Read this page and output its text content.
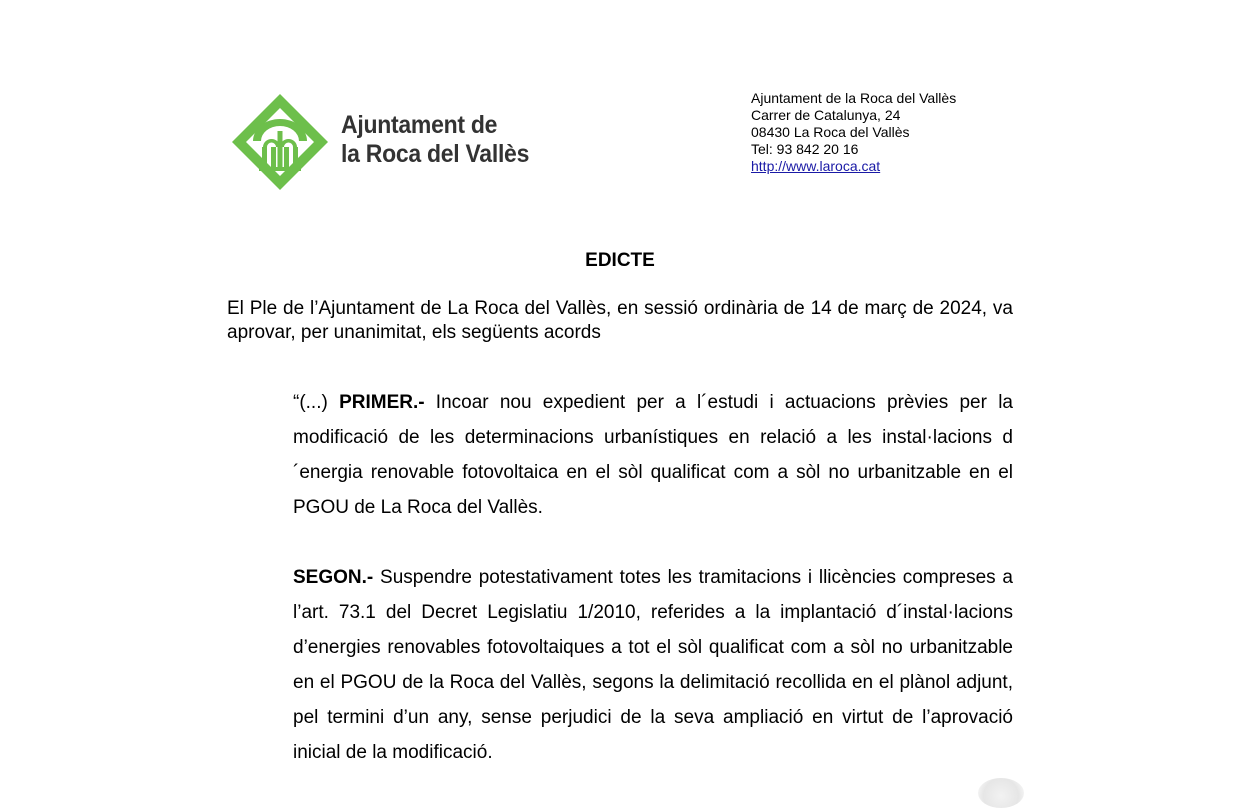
Ajuntament de
la Roca del Vallès
Ajuntament de la Roca del Vallès
Carrer de Catalunya, 24
08430 La Roca del Vallès
Tel: 93 842 20 16
http://www.laroca.cat
EDICTE
El Ple de l’Ajuntament de La Roca del Vallès, en sessió ordinària de 14 de març de 2024, va aprovar, per unanimitat, els següents acords
“(...) PRIMER.- Incoar nou expedient per a l´estudi i actuacions prèvies per la modificació de les determinacions urbanístiques en relació a les instal·lacions d´energia renovable fotovoltaica en el sòl qualificat com a sòl no urbanitzable en el PGOU de La Roca del Vallès.
SEGON.- Suspendre potestativament totes les tramitacions i llicències compreses a l’art. 73.1 del Decret Legislatiu 1/2010, referides a la implantació d´instal·lacions d’energies renovables fotovoltaiques a tot el sòl qualificat com a sòl no urbanitzable en el PGOU de la Roca del Vallès, segons la delimitació recollida en el plànol adjunt, pel termini d’un any, sense perjudici de la seva ampliació en virtut de l’aprovació inicial de la modificació.
